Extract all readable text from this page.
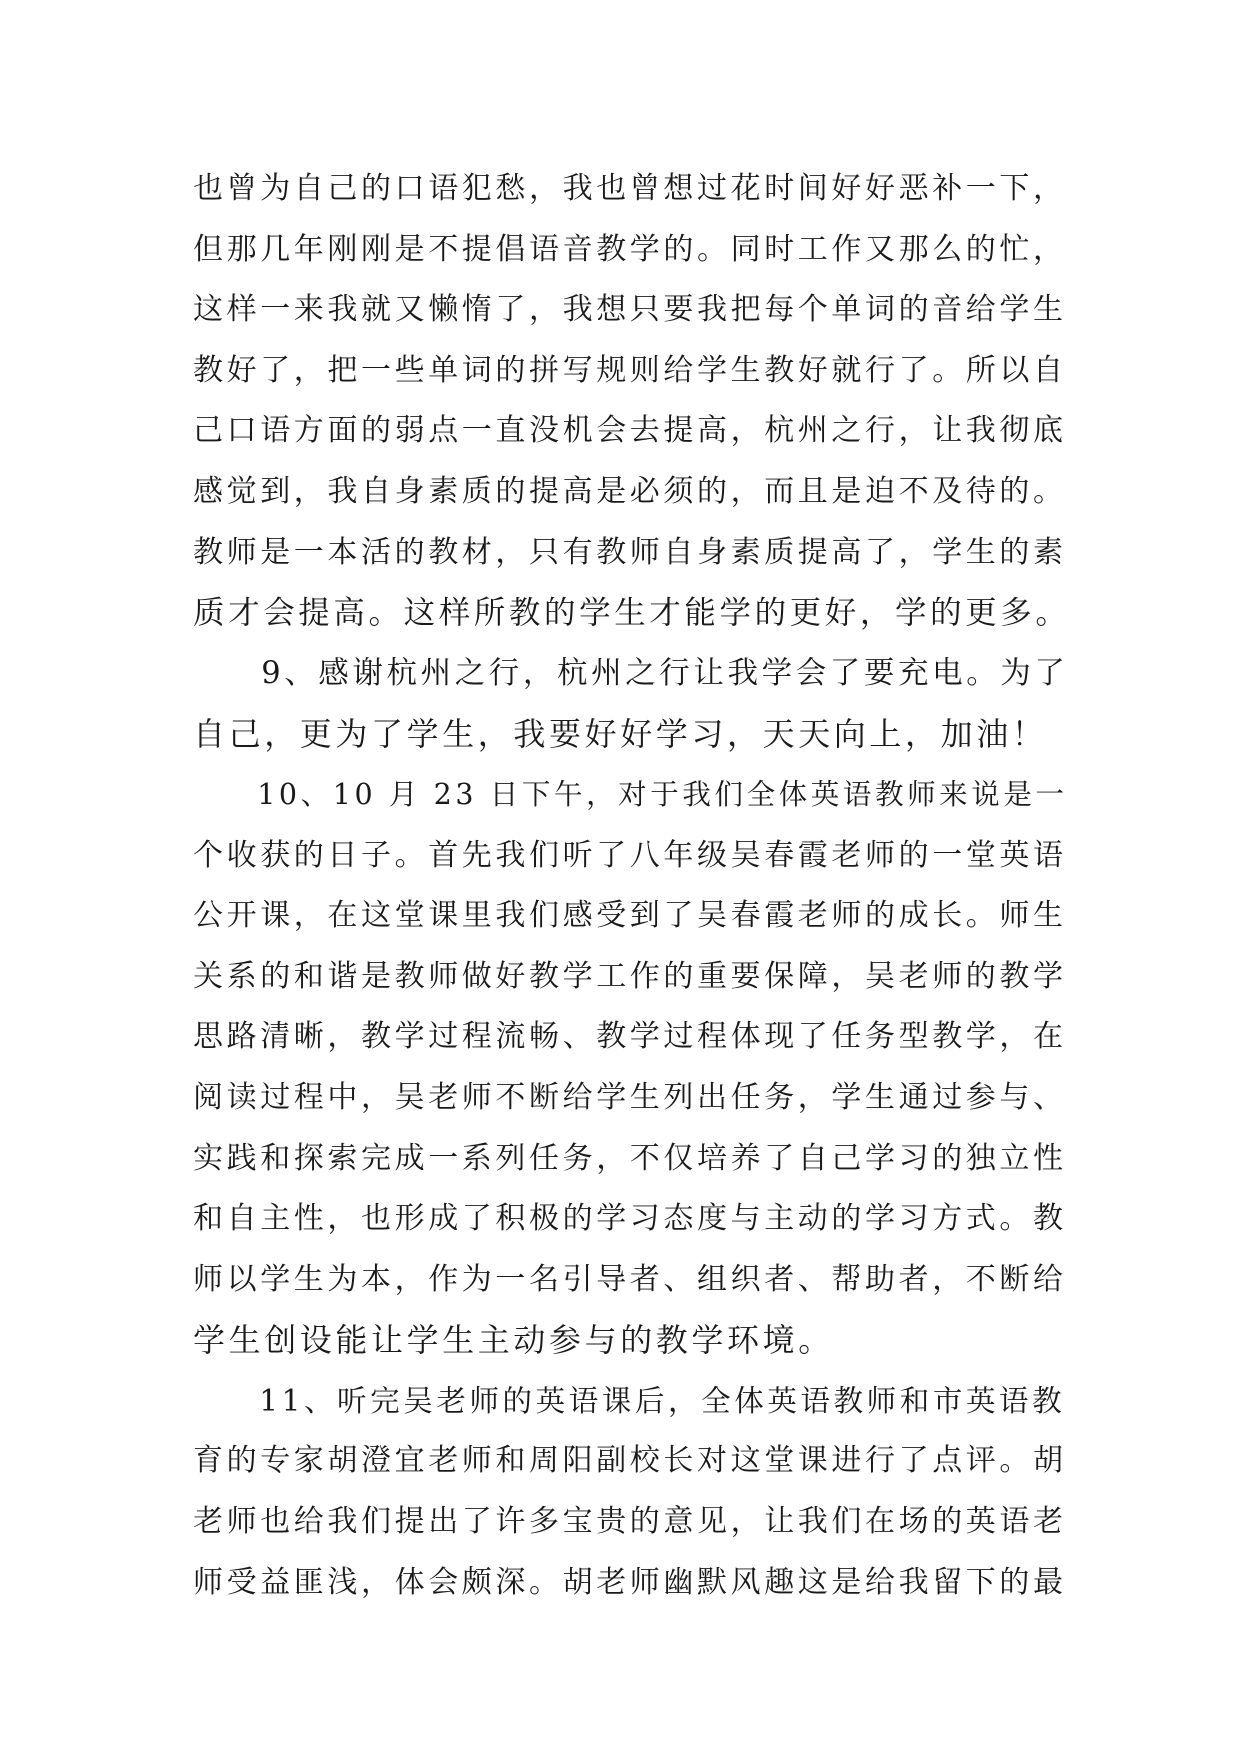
也曾为自己的口语犯愁，我也曾想过花时间好好恶补一下，
但那几年刚刚是不提倡语音教学的。同时工作又那么的忙，
这样一来我就又懒惰了，我想只要我把每个单词的音给学生
教好了，把一些单词的拼写规则给学生教好就行了。所以自
己口语方面的弱点一直没机会去提高，杭州之行，让我彻底
感觉到，我自身素质的提高是必须的，而且是迫不及待的。
教师是一本活的教材，只有教师自身素质提高了，学生的素
质才会提高。这样所教的学生才能学的更好，学的更多。
　　9、感谢杭州之行，杭州之行让我学会了要充电。为了
自己，更为了学生，我要好好学习，天天向上，加油！
　　10、10 月 23 日下午，对于我们全体英语教师来说是一
个收获的日子。首先我们听了八年级吴春霞老师的一堂英语
公开课，在这堂课里我们感受到了吴春霞老师的成长。师生
关系的和谐是教师做好教学工作的重要保障，吴老师的教学
思路清晰，教学过程流畅、教学过程体现了任务型教学，在
阅读过程中，吴老师不断给学生列出任务，学生通过参与、
实践和探索完成一系列任务，不仅培养了自己学习的独立性
和自主性，也形成了积极的学习态度与主动的学习方式。教
师以学生为本，作为一名引导者、组织者、帮助者，不断给
学生创设能让学生主动参与的教学环境。
　　11、听完吴老师的英语课后，全体英语教师和市英语教
育的专家胡澄宜老师和周阳副校长对这堂课进行了点评。胡
老师也给我们提出了许多宝贵的意见，让我们在场的英语老
师受益匪浅，体会颇深。胡老师幽默风趣这是给我留下的最
